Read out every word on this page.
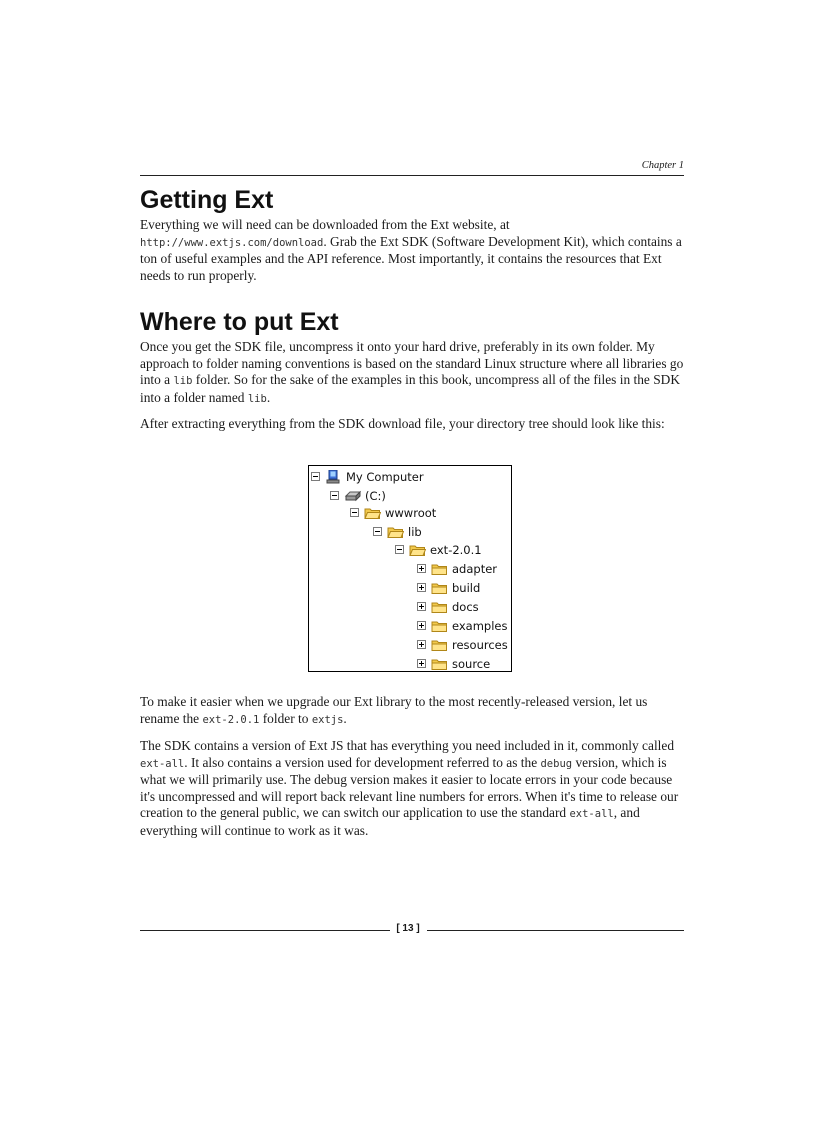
Chapter 1
Getting Ext

Everything we will need can be downloaded from the Ext website, at
http://www.extjs.com/download. Grab the Ext SDK (Software Development Kit), which contains a ton of useful examples and the API reference. Most importantly, it contains the resources that Ext needs to run properly.

Where to put Ext

Once you get the SDK file, uncompress it onto your hard drive, preferably in its own folder. My approach to folder naming conventions is based on the standard Linux structure where all libraries go into a lib folder. So for the sake of the examples in this book, uncompress all of the files in the SDK into a folder named lib.

After extracting everything from the SDK download file, your directory tree should look like this:

My Computer
(C:)
wwwroot
lib
ext-2.0.1
adapter
build
docs
examples
resources
source

To make it easier when we upgrade our Ext library to the most recently-released version, let us rename the ext-2.0.1 folder to extjs.

The SDK contains a version of Ext JS that has everything you need included in it, commonly called ext-all. It also contains a version used for development referred to as the debug version, which is what we will primarily use. The debug version makes it easier to locate errors in your code because it's uncompressed and will report back relevant line numbers for errors. When it's time to release our creation to the general public, we can switch our application to use the standard ext-all, and everything will continue to work as it was.

[ 13 ]
